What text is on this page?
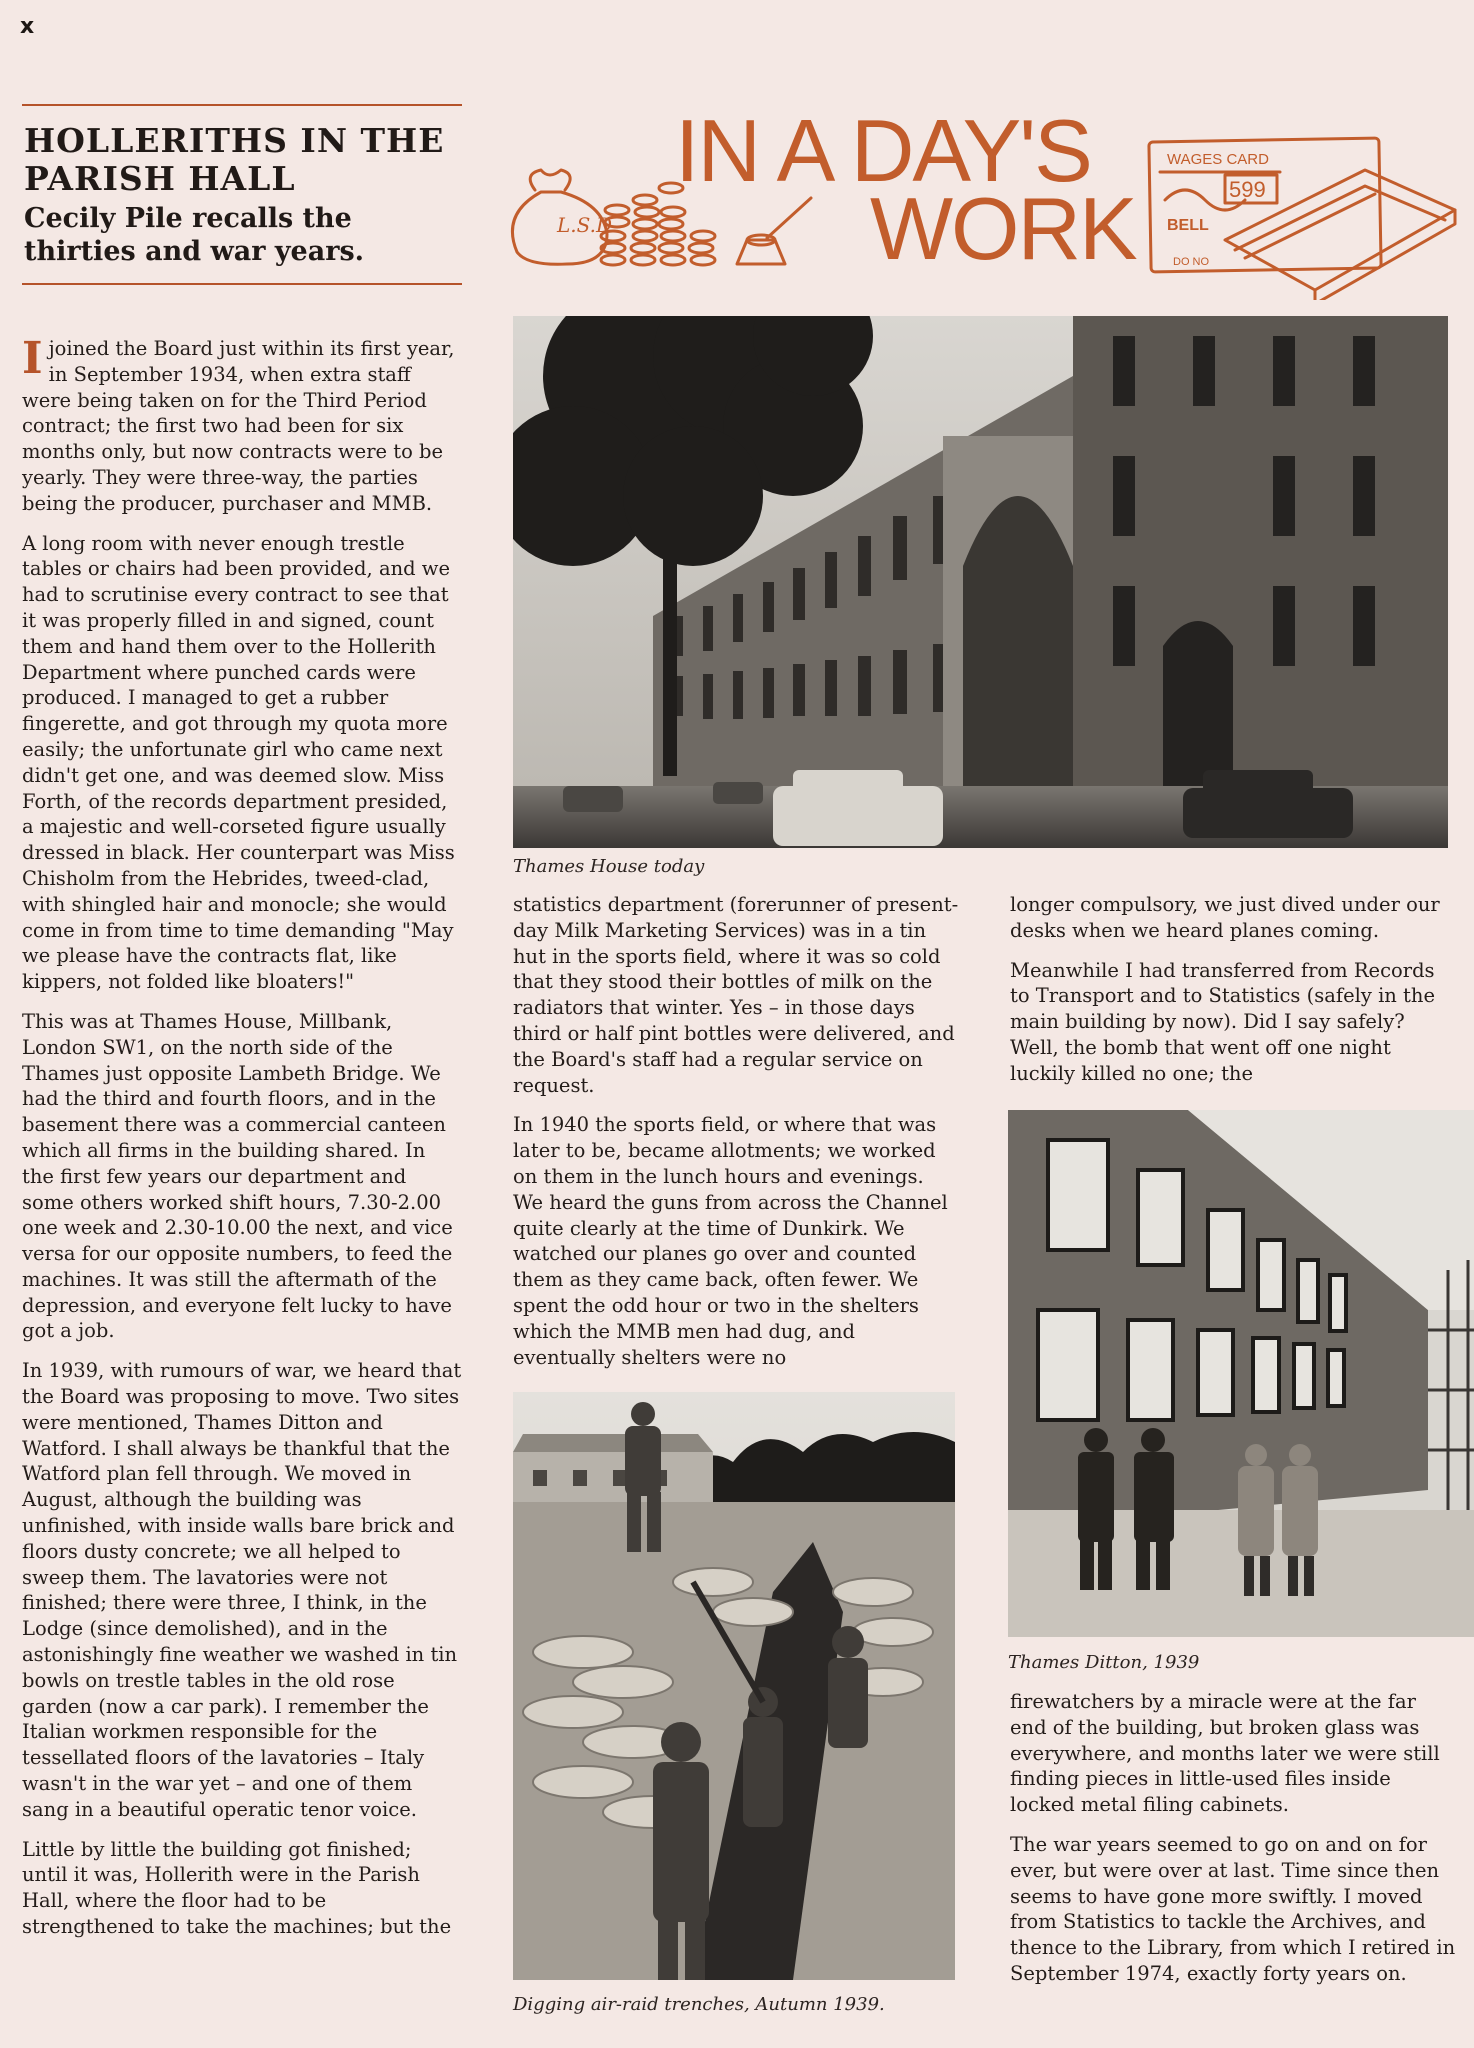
x
HOLLERITHS IN THE PARISH HALL
Cecily Pile recalls the thirties and war years.
L.S.D.
WAGES CARD
599
BELL
DO NO
IN A DAY'S
WORK

I joined the Board just within its first year, in September 1934, when extra staff were being taken on for the Third Period contract; the first two had been for six months only, but now contracts were to be yearly. They were three-way, the parties being the producer, purchaser and MMB.

A long room with never enough trestle tables or chairs had been provided, and we had to scrutinise every contract to see that it was properly filled in and signed, count them and hand them over to the Hollerith Department where punched cards were produced. I managed to get a rubber fingerette, and got through my quota more easily; the unfortunate girl who came next didn't get one, and was deemed slow. Miss Forth, of the records department presided, a majestic and well-corseted figure usually dressed in black. Her counterpart was Miss Chisholm from the Hebrides, tweed-clad, with shingled hair and monocle; she would come in from time to time demanding "May we please have the contracts flat, like kippers, not folded like bloaters!"

This was at Thames House, Millbank, London SW1, on the north side of the Thames just opposite Lambeth Bridge. We had the third and fourth floors, and in the basement there was a commercial canteen which all firms in the building shared. In the first few years our department and some others worked shift hours, 7.30-2.00 one week and 2.30-10.00 the next, and vice versa for our opposite numbers, to feed the machines. It was still the aftermath of the depression, and everyone felt lucky to have got a job.

In 1939, with rumours of war, we heard that the Board was proposing to move. Two sites were mentioned, Thames Ditton and Watford. I shall always be thankful that the Watford plan fell through. We moved in August, although the building was unfinished, with inside walls bare brick and floors dusty concrete; we all helped to sweep them. The lavatories were not finished; there were three, I think, in the Lodge (since demolished), and in the astonishingly fine weather we washed in tin bowls on trestle tables in the old rose garden (now a car park). I remember the Italian workmen responsible for the tessellated floors of the lavatories – Italy wasn't in the war yet – and one of them sang in a beautiful operatic tenor voice.

Little by little the building got finished; until it was, Hollerith were in the Parish Hall, where the floor had to be strengthened to take the machines; but the

Thames House today

statistics department (forerunner of present-day Milk Marketing Services) was in a tin hut in the sports field, where it was so cold that they stood their bottles of milk on the radiators that winter. Yes – in those days third or half pint bottles were delivered, and the Board's staff had a regular service on request.

In 1940 the sports field, or where that was later to be, became allotments; we worked on them in the lunch hours and evenings. We heard the guns from across the Channel quite clearly at the time of Dunkirk. We watched our planes go over and counted them as they came back, often fewer. We spent the odd hour or two in the shelters which the MMB men had dug, and eventually shelters were no

Digging air-raid trenches, Autumn 1939.

longer compulsory, we just dived under our desks when we heard planes coming.

Meanwhile I had transferred from Records to Transport and to Statistics (safely in the main building by now). Did I say safely? Well, the bomb that went off one night luckily killed no one; the

Thames Ditton, 1939

firewatchers by a miracle were at the far end of the building, but broken glass was everywhere, and months later we were still finding pieces in little-used files inside locked metal filing cabinets.

The war years seemed to go on and on for ever, but were over at last. Time since then seems to have gone more swiftly. I moved from Statistics to tackle the Archives, and thence to the Library, from which I retired in September 1974, exactly forty years on.
